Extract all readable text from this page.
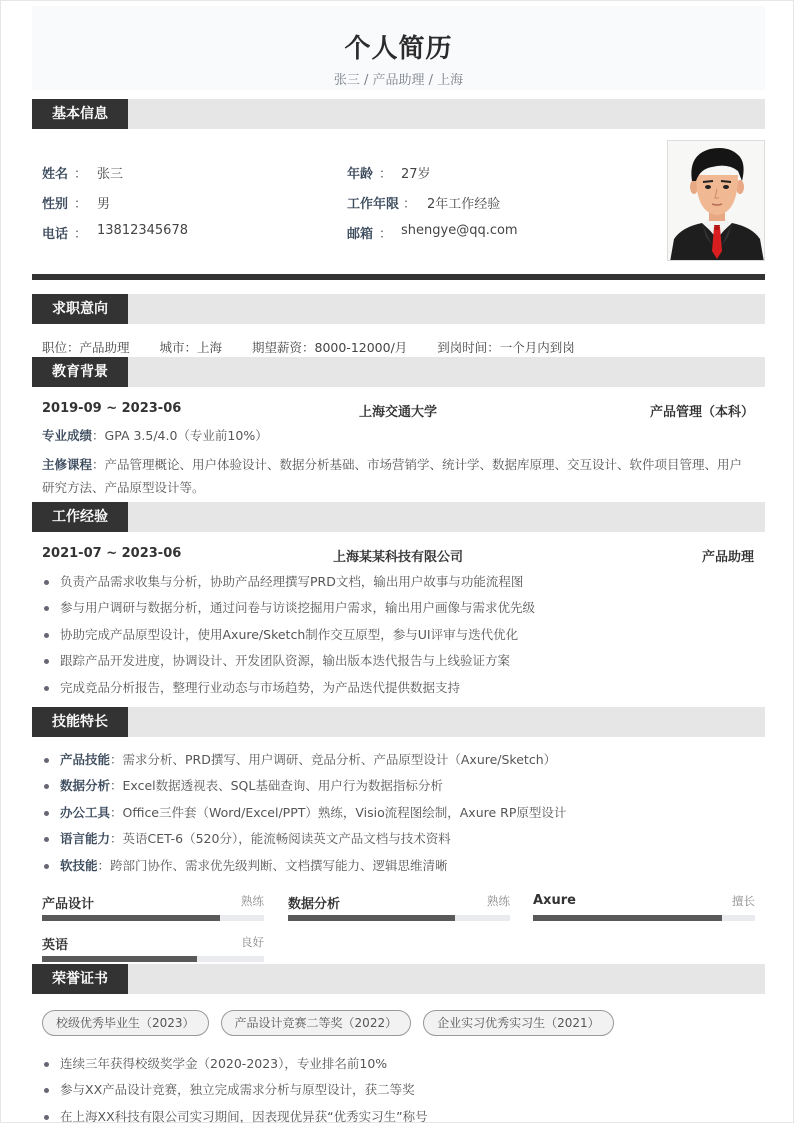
个人简历
张三 / 产品助理 / 上海
基本信息
姓名 ： 张三
性别 ： 男
电话 ： 13812345678
年龄 ： 27岁
工作年限 ： 2年工作经验
邮箱 ： shengye@qq.com
求职意向
职位：产品助理 城市：上海 期望薪资：8000-12000/月 到岗时间：一个月内到岗
教育背景
2019-09 ~ 2023-06	上海交通大学	产品管理（本科）
专业成绩：GPA 3.5/4.0（专业前10%）
主修课程：产品管理概论、用户体验设计、数据分析基础、市场营销学、统计学、数据库原理、交互设计、软件项目管理、用户研究方法、产品原型设计等。
工作经验
2021-07 ~ 2023-06	上海某某科技有限公司	产品助理
负责产品需求收集与分析，协助产品经理撰写PRD文档，输出用户故事与功能流程图
参与用户调研与数据分析，通过问卷与访谈挖掘用户需求，输出用户画像与需求优先级
协助完成产品原型设计，使用Axure/Sketch制作交互原型，参与UI评审与迭代优化
跟踪产品开发进度，协调设计、开发团队资源，输出版本迭代报告与上线验证方案
完成竞品分析报告，整理行业动态与市场趋势，为产品迭代提供数据支持
技能特长
产品技能：需求分析、PRD撰写、用户调研、竞品分析、产品原型设计（Axure/Sketch）
数据分析：Excel数据透视表、SQL基础查询、用户行为数据指标分析
办公工具：Office三件套（Word/Excel/PPT）熟练，Visio流程图绘制，Axure RP原型设计
语言能力：英语CET-6（520分），能流畅阅读英文产品文档与技术资料
软技能：跨部门协作、需求优先级判断、文档撰写能力、逻辑思维清晰
产品设计	熟练 数据分析	熟练 Axure	擅长
英语	良好
荣誉证书
校级优秀毕业生（2023）	产品设计竞赛二等奖（2022）	企业实习优秀实习生（2021）
连续三年获得校级奖学金（2020-2023），专业排名前10%
参与XX产品设计竞赛，独立完成需求分析与原型设计，获二等奖
在上海XX科技有限公司实习期间，因表现优异获“优秀实习生”称号
